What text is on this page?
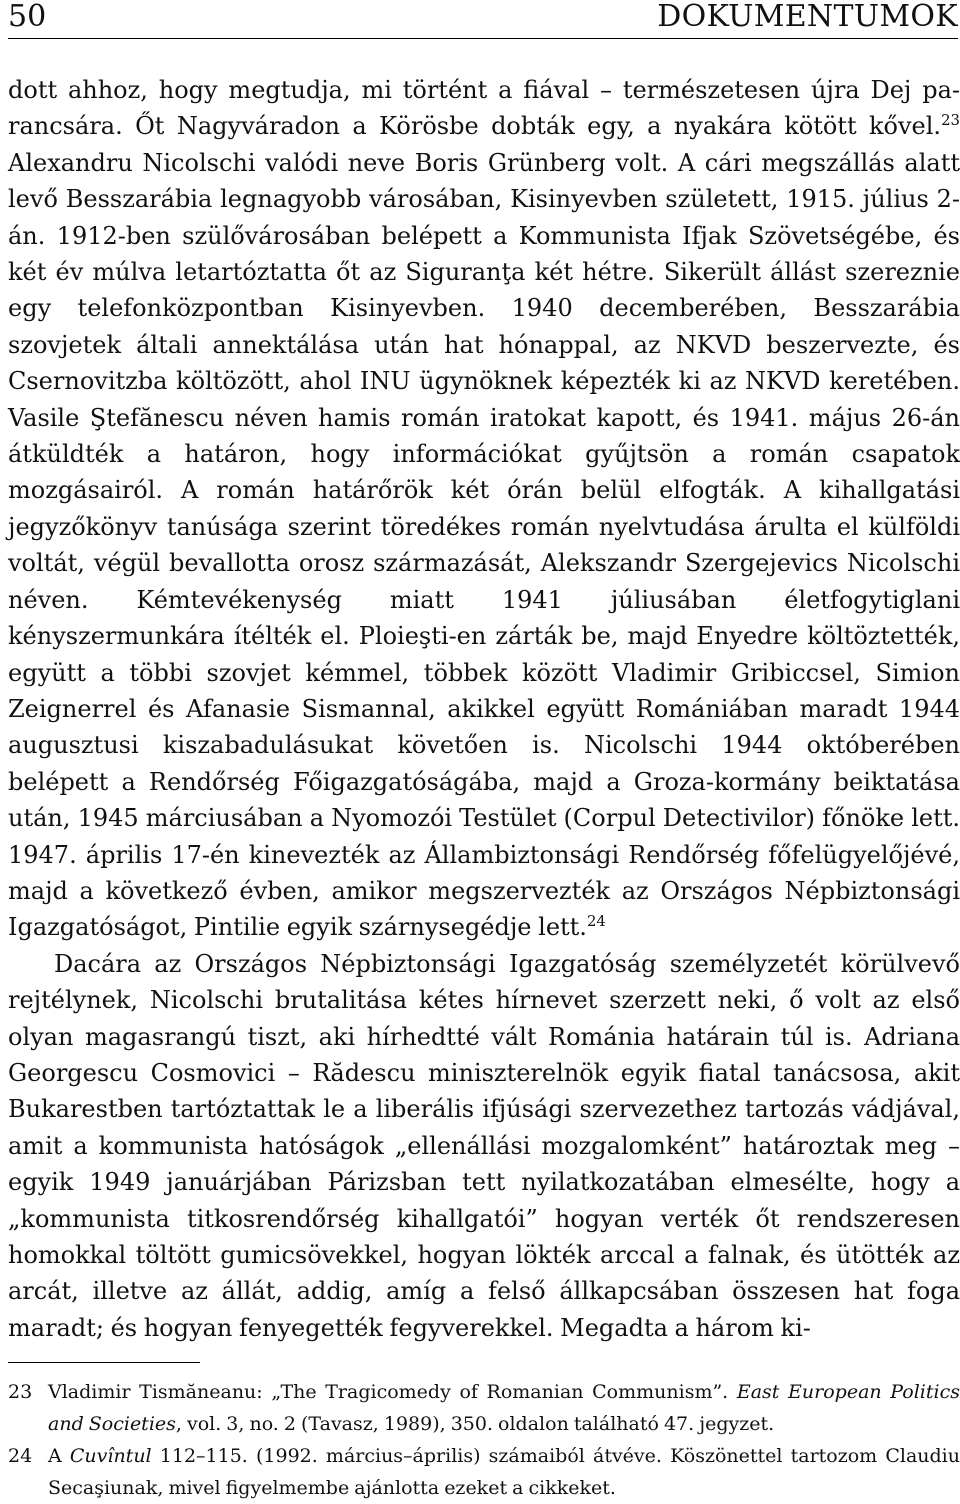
50	DOKUMENTUMOK

dott ahhoz, hogy megtudja, mi történt a fiával – természetesen újra Dej parancsára. Őt Nagyváradon a Körösbe dobták egy, a nyakára kötött kővel.$^{23}$ Alexandru Nicolschi valódi neve Boris Grünberg volt. A cári megszállás alatt levő Besszarábia legnagyobb városában, Kisinyevben született, 1915. július 2-án. 1912-ben szülővárosában belépett a Kommunista Ifjak Szövetségébe, és két év múlva letartóztatta őt az Siguranţa két hétre. Sikerült állást szereznie egy telefonközpontban Kisinyevben. 1940 decemberében, Besszarábia szovjetek általi annektálása után hat hónappal, az NKVD beszervezte, és Csernovitzba költözött, ahol INU ügynöknek képezték ki az NKVD keretében. Vasile Ştefănescu néven hamis román iratokat kapott, és 1941. május 26-án átküldték a határon, hogy információkat gyűjtsön a román csapatok mozgásairól. A román határőrök két órán belül elfogták. A kihallgatási jegyzőkönyv tanúsága szerint töredékes román nyelvtudása árulta el külföldi voltát, végül bevallotta orosz származását, Alekszandr Szergejevics Nicolschi néven. Kémtevékenység miatt 1941 júliusában életfogytiglani kényszermunkára ítélték el. Ploieşti-en zárták be, majd Enyedre költöztették, együtt a többi szovjet kémmel, többek között Vladimir Gribiccsel, Simion Zeignerrel és Afanasie Sismannal, akikkel együtt Romániában maradt 1944 augusztusi kiszabadulásukat követően is. Nicolschi 1944 októberében belépett a Rendőrség Főigazgatóságába, majd a Groza-kormány beiktatása után, 1945 márciusában a Nyomozói Testület (Corpul Detectivilor) főnöke lett. 1947. április 17-én kinevezték az Állambiztonsági Rendőrség főfelügyelőjévé, majd a következő évben, amikor megszervezték az Országos Népbiztonsági Igazgatóságot, Pintilie egyik szárnysegédje lett.$^{24}$

Dacára az Országos Népbiztonsági Igazgatóság személyzetét körülvevő rejtélynek, Nicolschi brutalitása kétes hírnevet szerzett neki, ő volt az első olyan magasrangú tiszt, aki hírhedtté vált Románia határain túl is. Adriana Georgescu Cosmovici – Rădescu miniszterelnök egyik fiatal tanácsosa, akit Bukarestben tartóztattak le a liberális ifjúsági szervezethez tartozás vádjával, amit a kommunista hatóságok „ellenállási mozgalomként” határoztak meg – egyik 1949 januárjában Párizsban tett nyilatkozatában elmesélte, hogy a „kommunista titkosrendőrség kihallgatói” hogyan verték őt rendszeresen homokkal töltött gumicsövekkel, hogyan lökték arccal a falnak, és ütötték az arcát, illetve az állát, addig, amíg a felső állkapcsában összesen hat foga maradt; és hogyan fenyegették fegyverekkel. Megadta a három ki-

23 Vladimir Tismăneanu: „The Tragicomedy of Romanian Communism”. East European Politics and Societies, vol. 3, no. 2 (Tavasz, 1989), 350. oldalon található 47. jegyzet.
24 A Cuvîntul 112–115. (1992. március–április) számaiból átvéve. Köszönettel tartozom Claudiu Secaşiunak, mivel figyelmembe ajánlotta ezeket a cikkeket.
